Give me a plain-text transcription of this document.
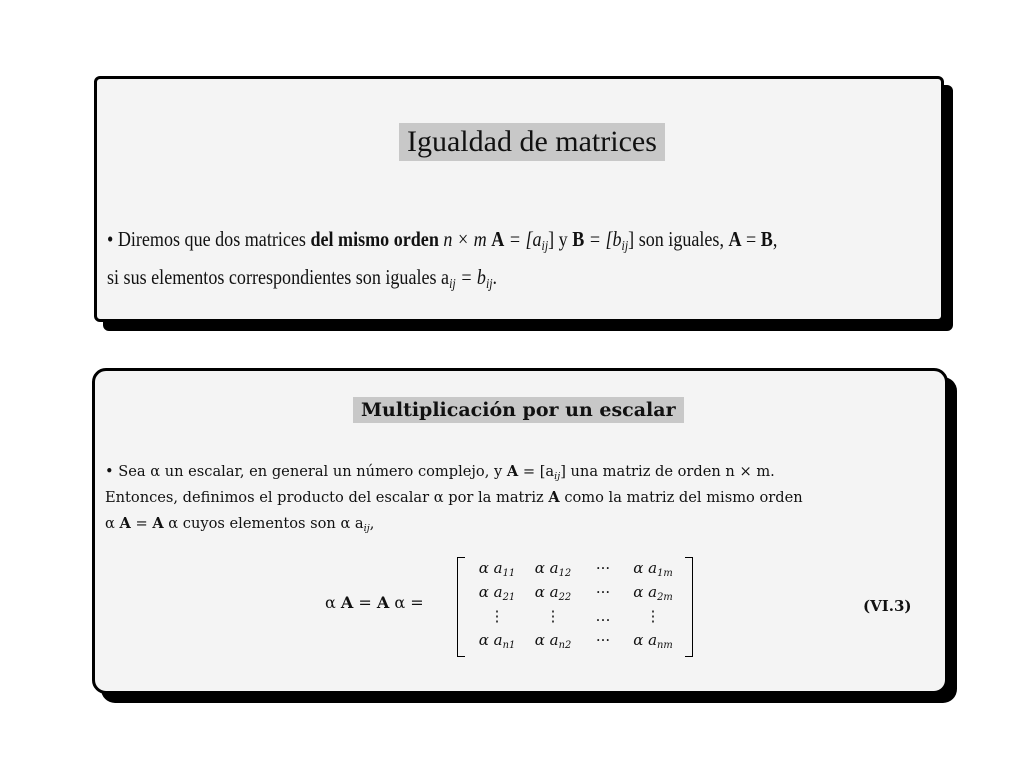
Igualdad de matrices
• Diremos que dos matrices del mismo orden n × m $A = [a_{ij}]$ y $B = [b_{ij}]$ son iguales, A = B,
si sus elementos correspondientes son iguales $a_{ij} = b_{ij}$.
Multiplicación por un escalar
• Sea α un escalar, en general un número complejo, y $A = [a_{ij}]$ una matriz de orden n × m.
Entonces, definimos el producto del escalar α por la matriz A como la matriz del mismo orden
α A = A α cuyos elementos son α $a_{ij}$,
α A = A α =
α $a_{11}$	α $a_{12}$	···	α $a_{1m}$
α $a_{21}$	α $a_{22}$	···	α $a_{2m}$
⋮	⋮	…	⋮
α $a_{n1}$	α $a_{n2}$	···	α $a_{nm}$
(VI.3)
